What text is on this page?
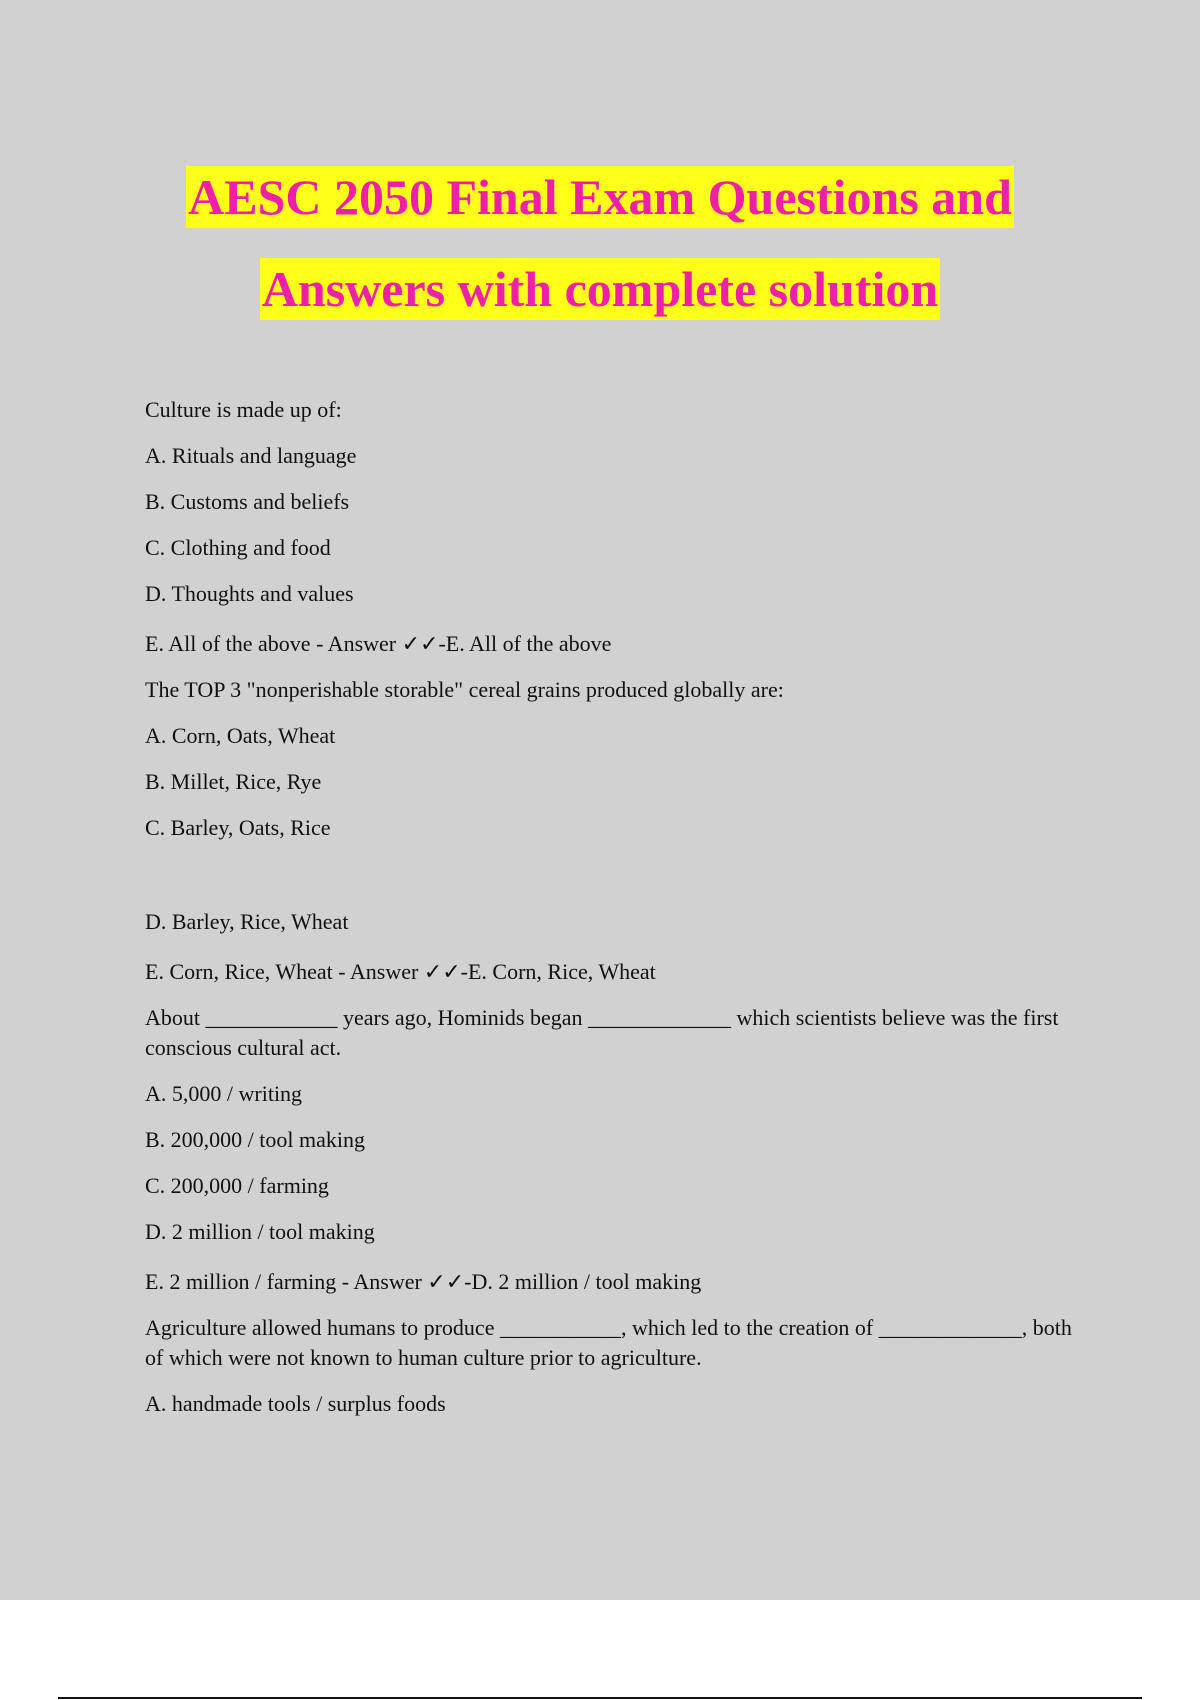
AESC 2050 Final Exam Questions and
Answers with complete solution
Culture is made up of:
A. Rituals and language
B. Customs and beliefs
C. Clothing and food
D. Thoughts and values
E. All of the above - Answer ✓✓-E. All of the above
The TOP 3 "nonperishable storable" cereal grains produced globally are:
A. Corn, Oats, Wheat
B. Millet, Rice, Rye
C. Barley, Oats, Rice
D. Barley, Rice, Wheat
E. Corn, Rice, Wheat - Answer ✓✓-E. Corn, Rice, Wheat
About ____________ years ago, Hominids began _____________ which scientists believe was the first conscious cultural act.
A. 5,000 / writing
B. 200,000 / tool making
C. 200,000 / farming
D. 2 million / tool making
E. 2 million / farming - Answer ✓✓-D. 2 million / tool making
Agriculture allowed humans to produce ___________, which led to the creation of _____________, both of which were not known to human culture prior to agriculture.
A. handmade tools / surplus foods
